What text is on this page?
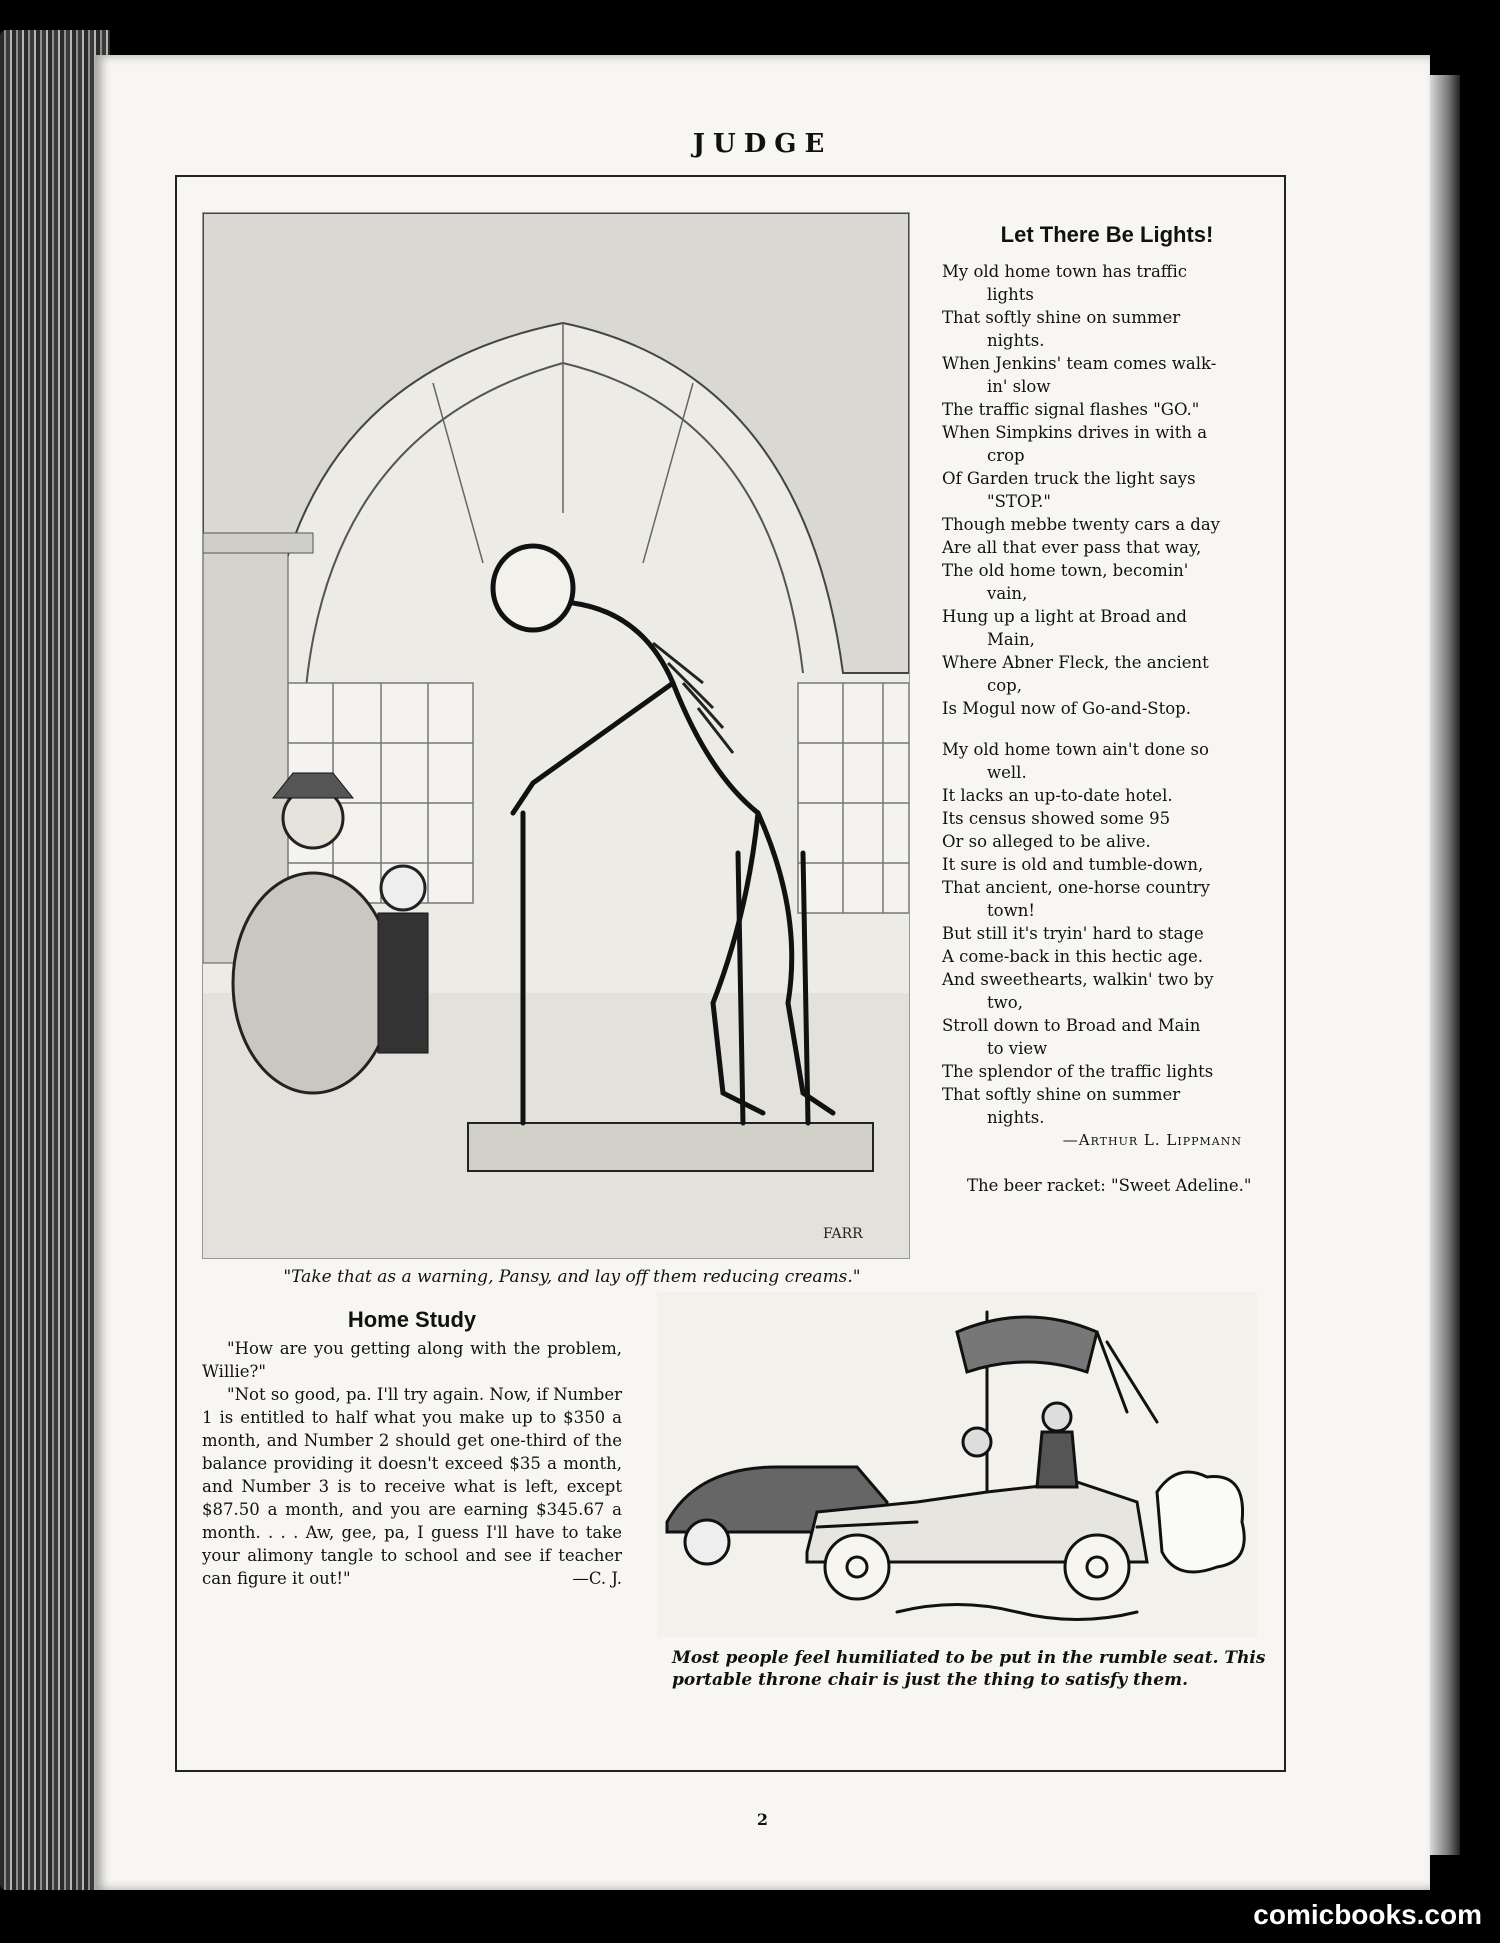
JUDGE
FARR
"Take that as a warning, Pansy, and lay off them reducing creams."
Let There Be Lights!

My old home town has traffic

lights

That softly shine on summer

nights.

When Jenkins' team comes walk-

in' slow

The traffic signal flashes "GO."

When Simpkins drives in with a

crop

Of Garden truck the light says

"STOP."

Though mebbe twenty cars a day

Are all that ever pass that way,

The old home town, becomin'

vain,

Hung up a light at Broad and

Main,

Where Abner Fleck, the ancient

cop,

Is Mogul now of Go-and-Stop.

My old home town ain't done so

well.

It lacks an up-to-date hotel.

Its census showed some 95

Or so alleged to be alive.

It sure is old and tumble-down,

That ancient, one-horse country

town!

But still it's tryin' hard to stage

A come-back in this hectic age.

And sweethearts, walkin' two by

two,

Stroll down to Broad and Main

to view

The splendor of the traffic lights

That softly shine on summer

nights.

—Arthur L. Lippmann
The beer racket: "Sweet Adeline."
Home Study

"How are you getting along with the problem, Willie?"

"Not so good, pa. I'll try again. Now, if Number 1 is entitled to half what you make up to $350 a month, and Number 2 should get one-third of the balance providing it doesn't exceed $35 a month, and Number 3 is to receive what is left, except $87.50 a month, and you are earning $345.67 a month. . . . Aw, gee, pa, I guess I'll have to take your alimony tangle to school and see if teacher can figure it out!"	—C. J.
Most people feel humiliated to be put in the rumble seat. This
portable throne chair is just the thing to satisfy them.
2
comicbooks.com
